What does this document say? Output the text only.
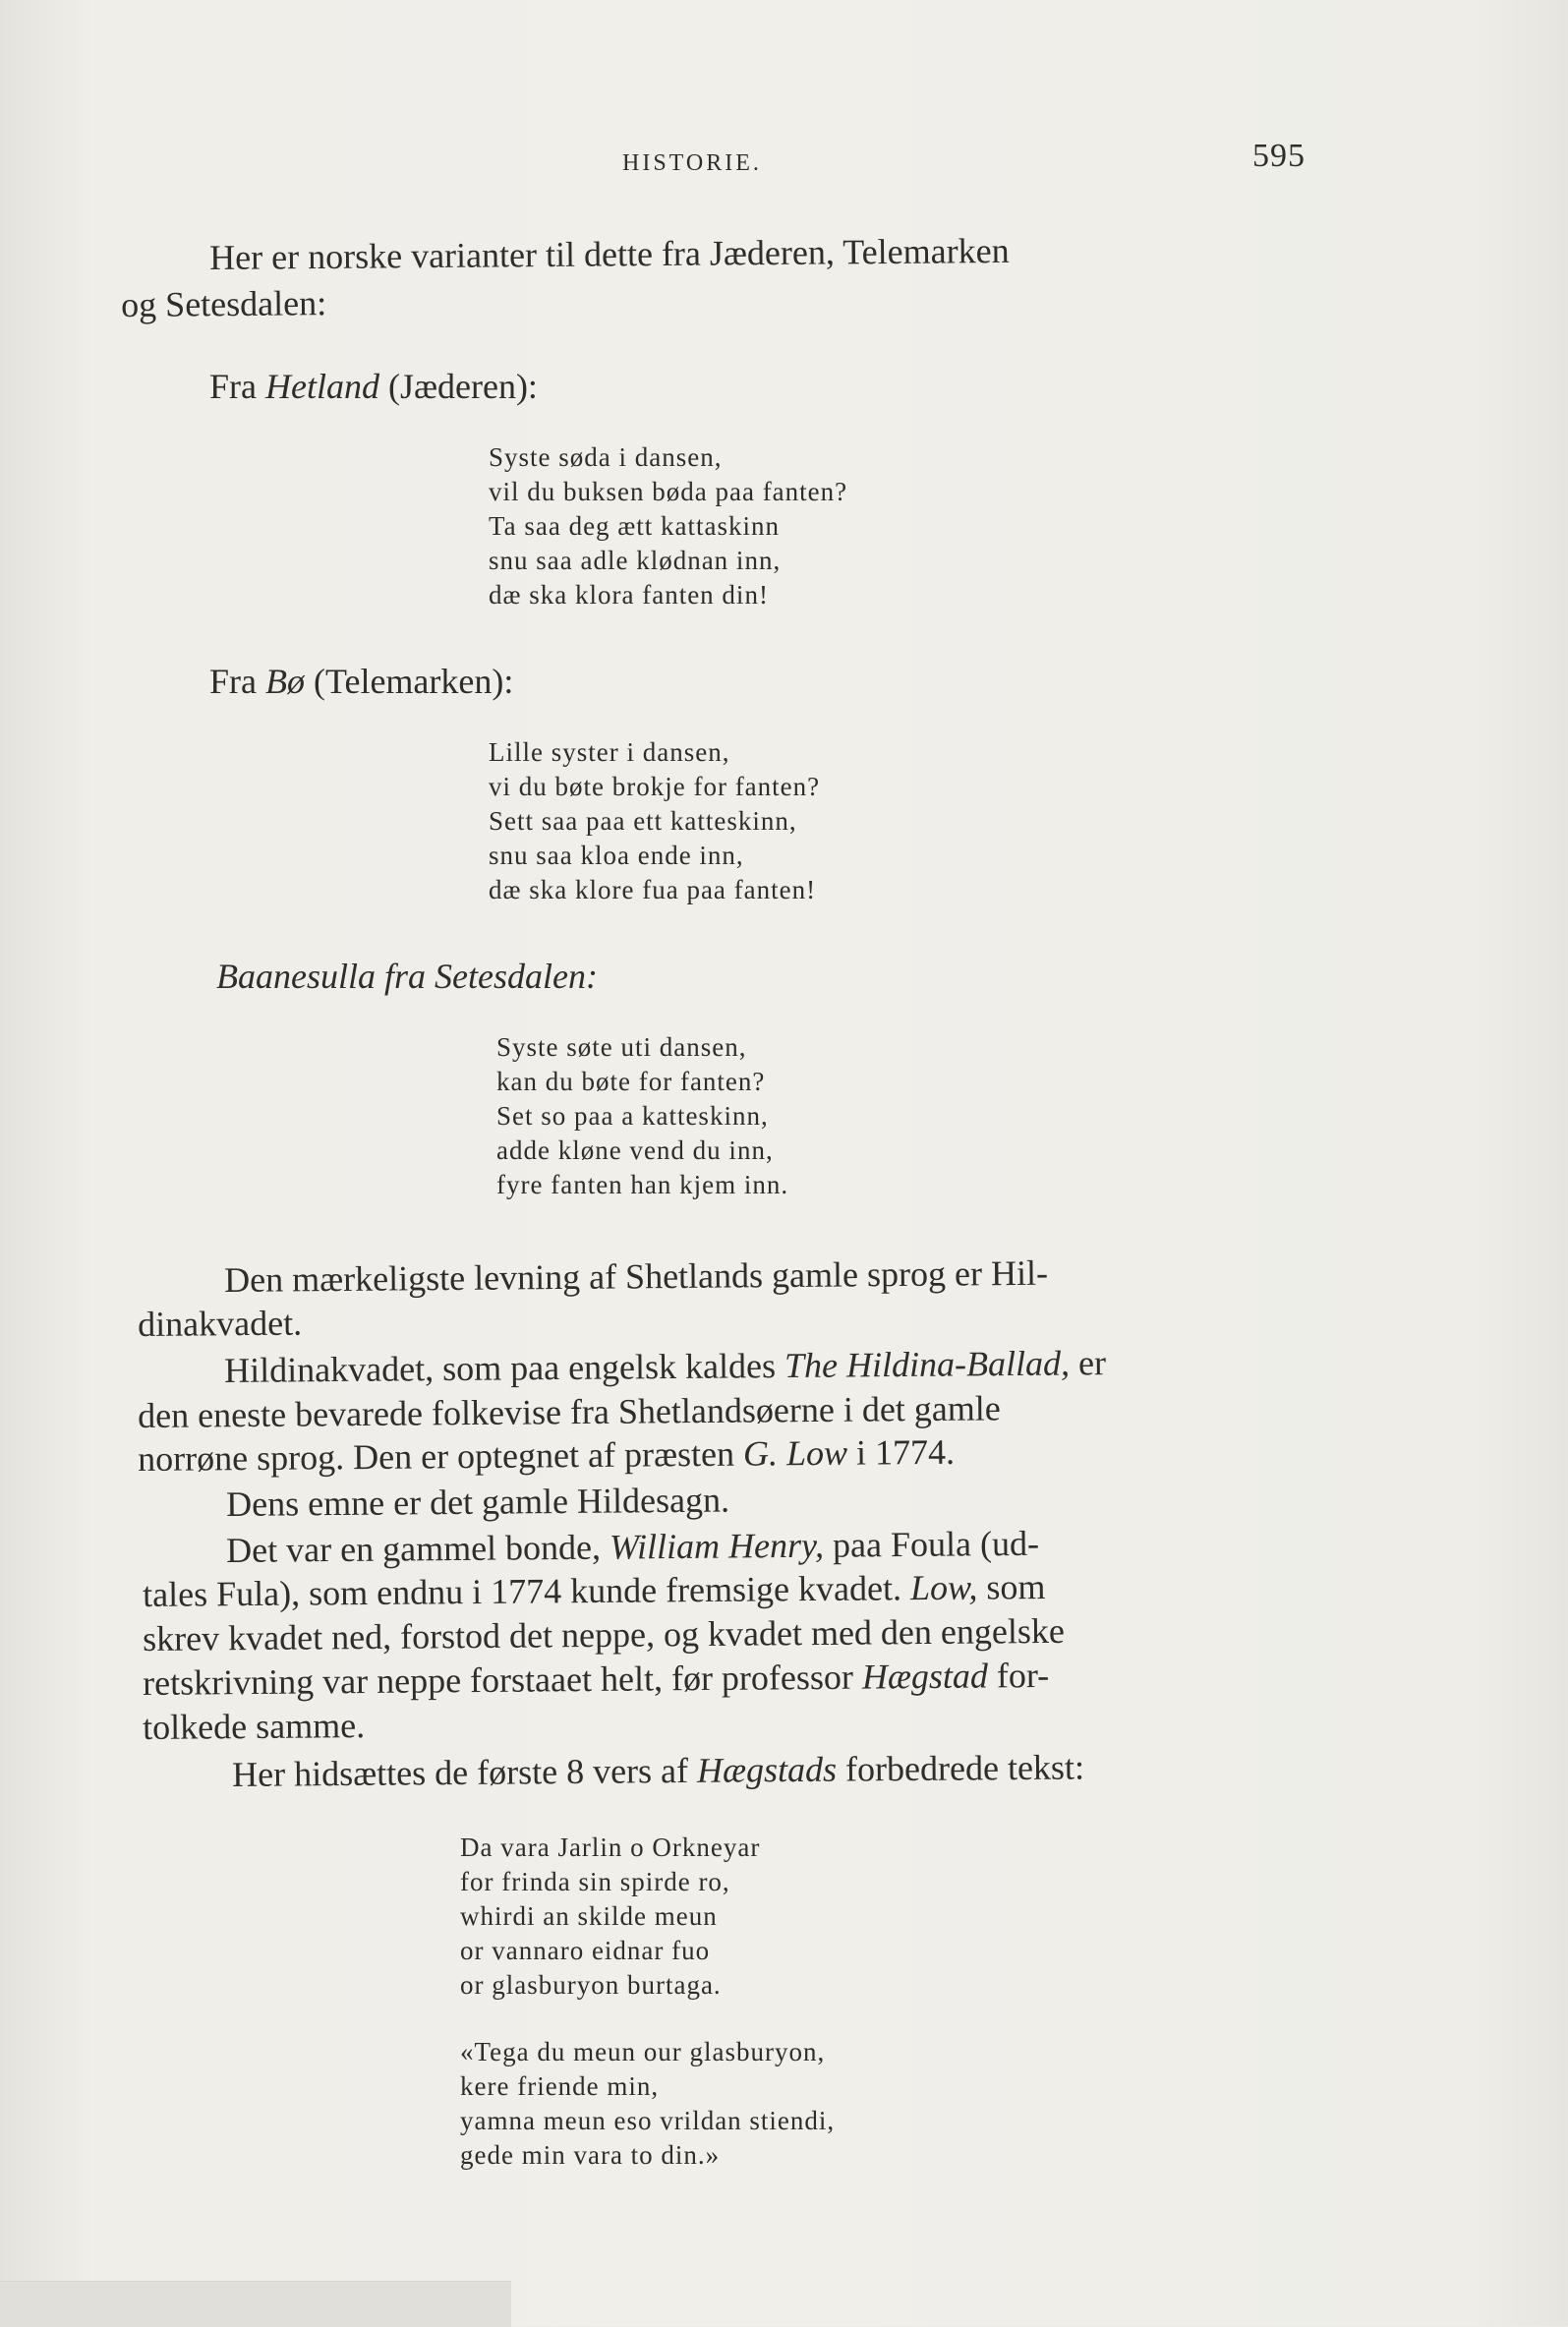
HISTORIE.	595
Her er norske varianter til dette fra Jæderen, Telemarken
og Setesdalen:
Fra Hetland (Jæderen):
Syste søda i dansen,
vil du buksen bøda paa fanten?
Ta saa deg ætt kattaskinn
snu saa adle klødnan inn,
dæ ska klora fanten din!
Fra Bø (Telemarken):
Lille syster i dansen,
vi du bøte brokje for fanten?
Sett saa paa ett katteskinn,
snu saa kloa ende inn,
dæ ska klore fua paa fanten!
Baanesulla fra Setesdalen:
Syste søte uti dansen,
kan du bøte for fanten?
Set so paa a katteskinn,
adde kløne vend du inn,
fyre fanten han kjem inn.
Den mærkeligste levning af Shetlands gamle sprog er Hil-
dinakvadet.
Hildinakvadet, som paa engelsk kaldes The Hildina-Ballad, er
den eneste bevarede folkevise fra Shetlandsøerne i det gamle
norrøne sprog. Den er optegnet af præsten G. Low i 1774.
Dens emne er det gamle Hildesagn.
Det var en gammel bonde, William Henry, paa Foula (ud-
tales Fula), som endnu i 1774 kunde fremsige kvadet. Low, som
skrev kvadet ned, forstod det neppe, og kvadet med den engelske
retskrivning var neppe forstaaet helt, før professor Hægstad for-
tolkede samme.
Her hidsættes de første 8 vers af Hægstads forbedrede tekst:
Da vara Jarlin o Orkneyar
for frinda sin spirde ro,
whirdi an skilde meun
or vannaro eidnar fuo
or glasburyon burtaga.
«Tega du meun our glasburyon,
kere friende min,
yamna meun eso vrildan stiendi,
gede min vara to din.»
